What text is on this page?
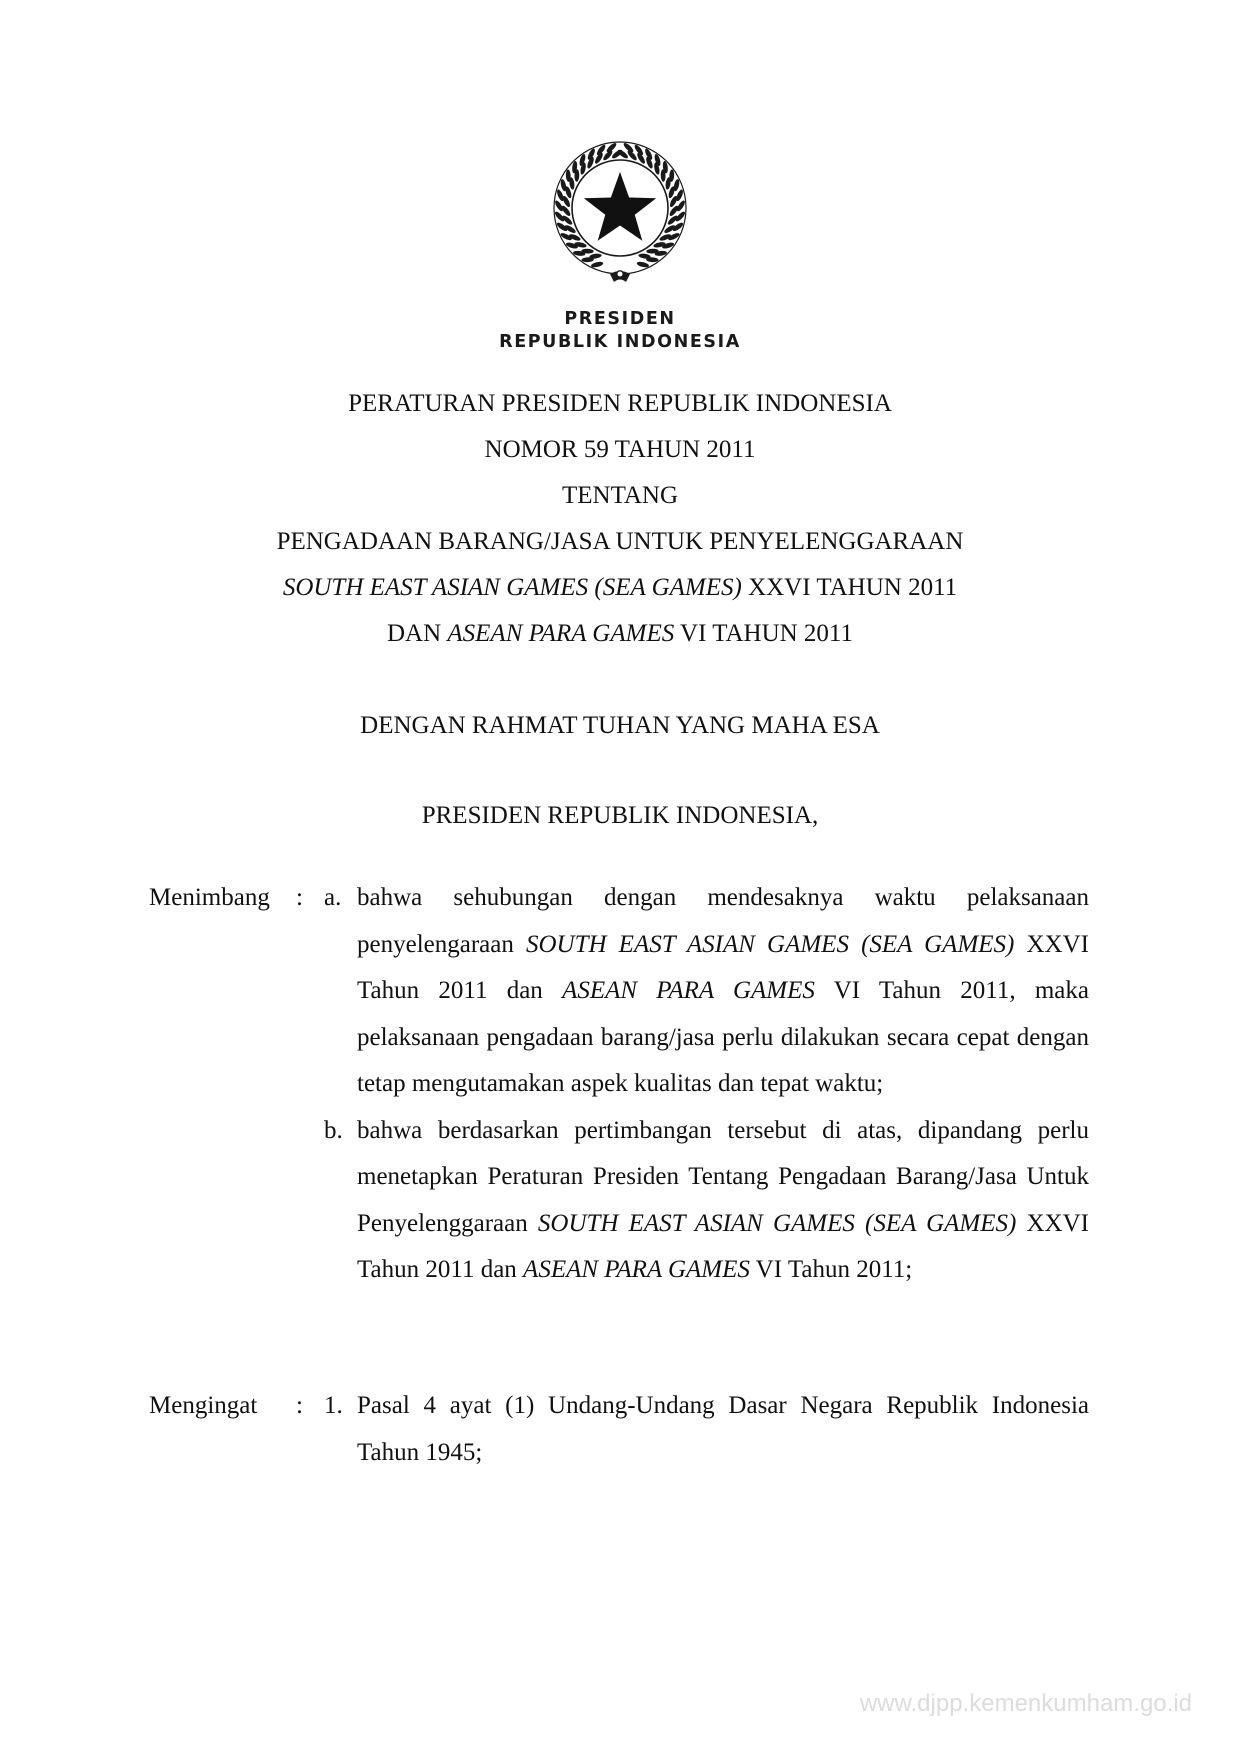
PRESIDEN
REPUBLIK INDONESIA
PERATURAN PRESIDEN REPUBLIK INDONESIA
NOMOR 59 TAHUN 2011
TENTANG
PENGADAAN BARANG/JASA UNTUK PENYELENGGARAAN
SOUTH EAST ASIAN GAMES (SEA GAMES) XXVI TAHUN 2011
DAN ASEAN PARA GAMES VI TAHUN 2011
DENGAN RAHMAT TUHAN YANG MAHA ESA
PRESIDEN REPUBLIK INDONESIA,
Menimbang : a. bahwa sehubungan dengan mendesaknya waktu pelaksanaan penyelengaraan SOUTH EAST ASIAN GAMES (SEA GAMES) XXVI Tahun 2011 dan ASEAN PARA GAMES VI Tahun 2011, maka pelaksanaan pengadaan barang/jasa perlu dilakukan secara cepat dengan tetap mengutamakan aspek kualitas dan tepat waktu;
b. bahwa berdasarkan pertimbangan tersebut di atas, dipandang perlu menetapkan Peraturan Presiden Tentang Pengadaan Barang/Jasa Untuk Penyelenggaraan SOUTH EAST ASIAN GAMES (SEA GAMES) XXVI Tahun 2011 dan ASEAN PARA GAMES VI Tahun 2011;
Mengingat : 1. Pasal 4 ayat (1) Undang-Undang Dasar Negara Republik Indonesia Tahun 1945;
www.djpp.kemenkumham.go.id
